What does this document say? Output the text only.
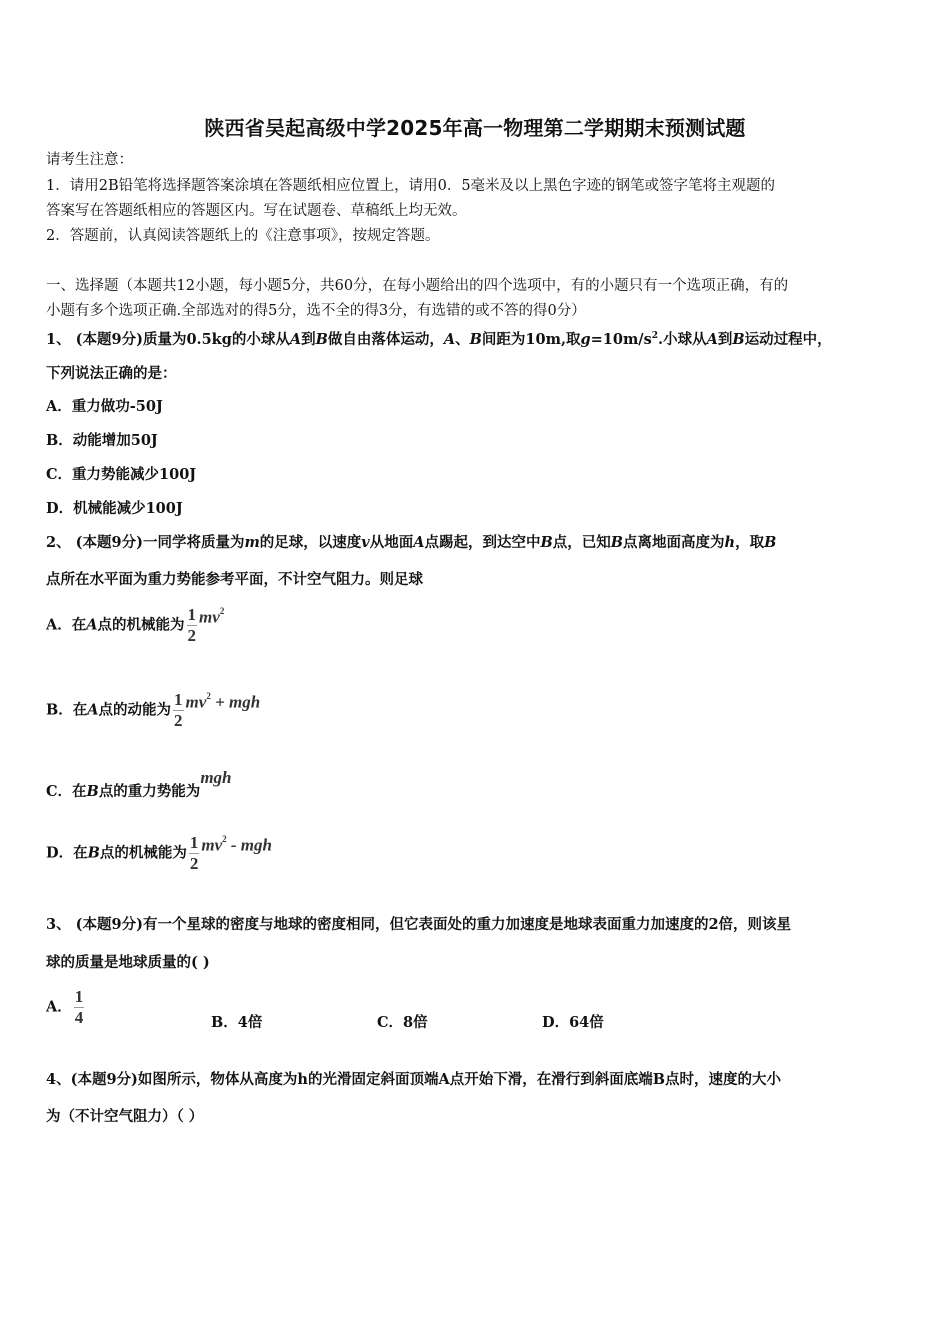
陕西省吴起高级中学2025年高一物理第二学期期末预测试题
请考生注意：
1．请用2B铅笔将选择题答案涂填在答题纸相应位置上，请用0．5毫米及以上黑色字迹的钢笔或签字笔将主观题的
答案写在答题纸相应的答题区内。写在试题卷、草稿纸上均无效。
2．答题前，认真阅读答题纸上的《注意事项》，按规定答题。
一、选择题（本题共12小题，每小题5分，共60分，在每小题给出的四个选项中，有的小题只有一个选项正确，有的
小题有多个选项正确.全部选对的得5分，选不全的得3分，有选错的或不答的得0分）
1、 (本题9分)质量为0.5kg的小球从A到B做自由落体运动，A、B间距为10m,取$g=10m/s^2$.小球从A到B运动过程中，
下列说法正确的是：
A．重力做功-50J
B．动能增加50J
C．重力势能减少100J
D．机械能减少100J
2、 (本题9分)一同学将质量为m的足球，以速度v从地面A点踢起，到达空中B点，已知B点离地面高度为h，取B
点所在水平面为重力势能参考平面，不计空气阻力。则足球
A．在A点的机械能为 $\frac{1}{2} mv^2$
B．在A点的动能为 $\frac{1}{2} mv^2$ + mgh
C．在B点的重力势能为mgh
D．在B点的机械能为 $\frac{1}{2} mv^2$ - mgh
3、 (本题9分)有一个星球的密度与地球的密度相同，但它表面处的重力加速度是地球表面重力加速度的2倍，则该星
球的质量是地球质量的( )
A． $\frac{1}{4}$	B．4倍	C．8倍	D．64倍
4、(本题9分)如图所示，物体从高度为h的光滑固定斜面顶端A点开始下滑，在滑行到斜面底端B点时，速度的大小
为（不计空气阻力）（ ）
